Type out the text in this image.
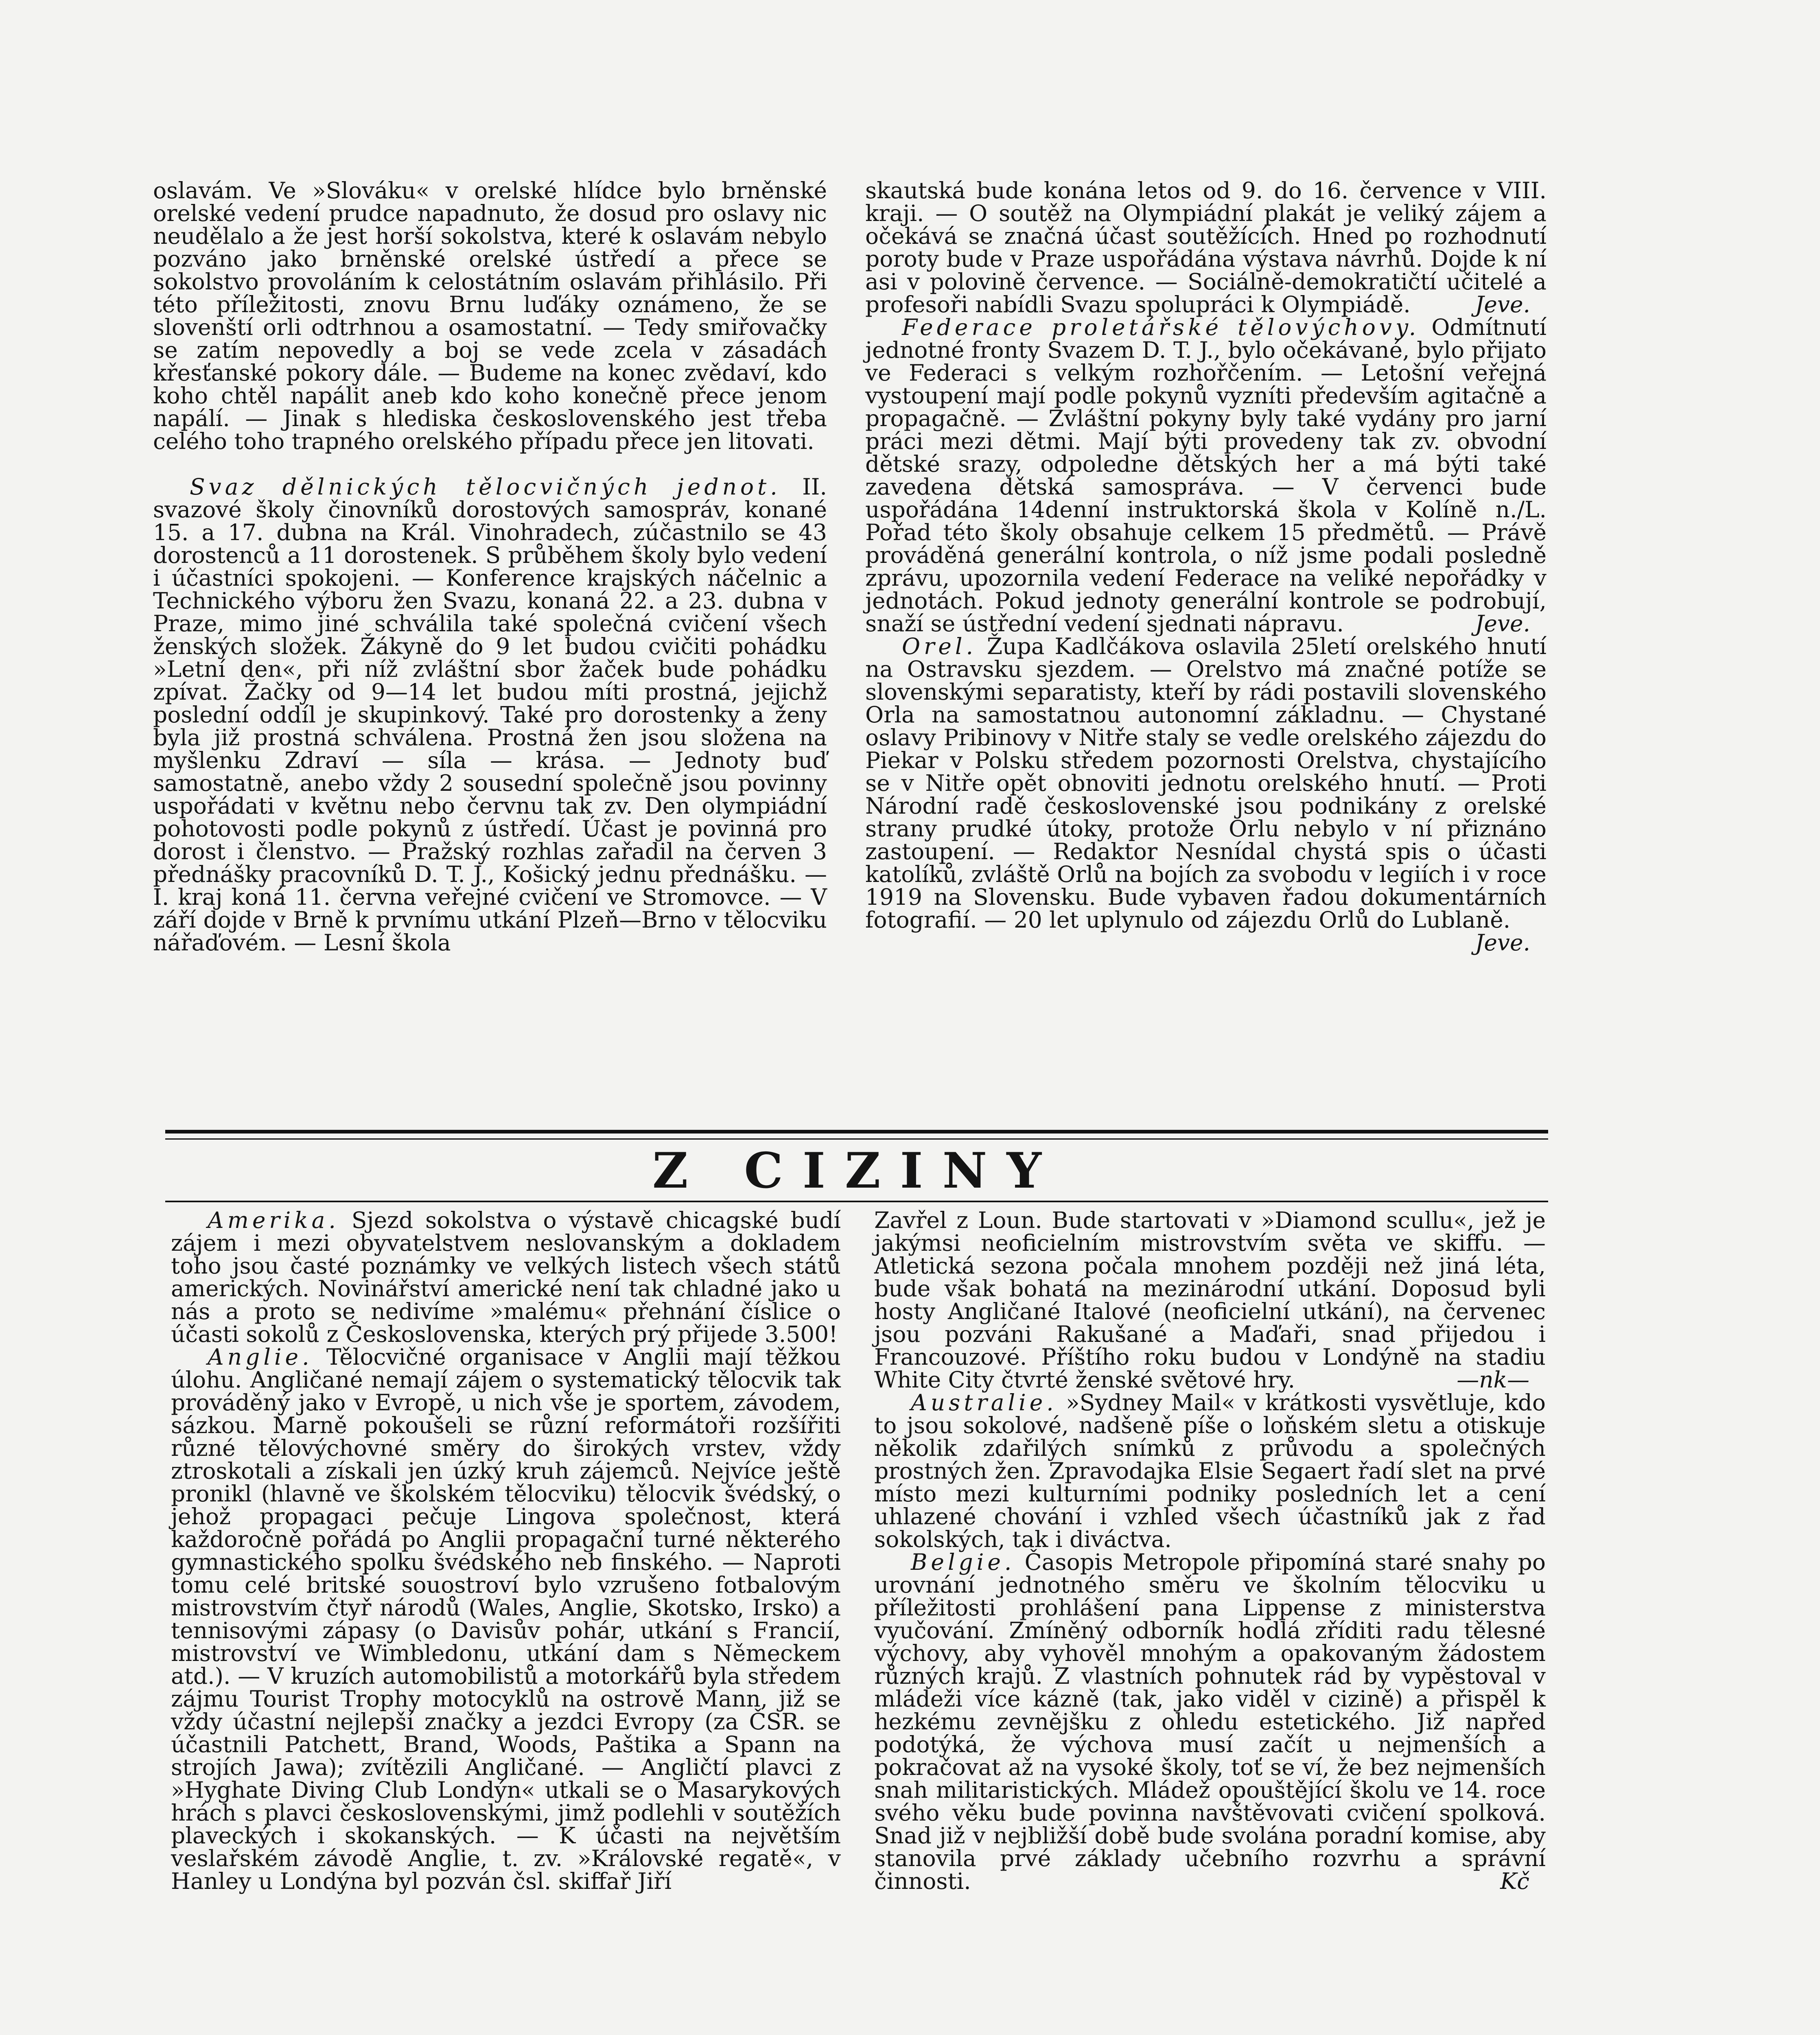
oslavám. Ve »Slováku« v orelské hlídce bylo brněnské orelské vedení prudce napadnuto, že dosud pro oslavy nic neudělalo a že jest horší sokolstva, které k oslavám nebylo pozváno jako brněnské orelské ústředí a přece se sokolstvo provoláním k celostátním oslavám přihlásilo. Při této příležitosti, znovu Brnu luďáky oznámeno, že se slovenští orli odtrhnou a osamostatní. — Tedy smiřovačky se zatím nepovedly a boj se vede zcela v zásadách křesťanské pokory dále. — Budeme na konec zvědaví, kdo koho chtěl napálit aneb kdo koho konečně přece jenom napálí. — Jinak s hlediska československého jest třeba celého toho trapného orelského případu přece jen litovati.

Svaz dělnických tělocvičných jednot. II. svazové školy činovníků dorostových samospráv, konané 15. a 17. dubna na Král. Vinohradech, zúčastnilo se 43 dorostenců a 11 dorostenek. S průběhem školy bylo vedení i účastníci spokojeni. — Konference krajských náčelnic a Technického výboru žen Svazu, konaná 22. a 23. dubna v Praze, mimo jiné schválila také společná cvičení všech ženských složek. Žákyně do 9 let budou cvičiti pohádku »Letní den«, při níž zvláštní sbor žaček bude pohádku zpívat. Žačky od 9—14 let budou míti prostná, jejichž poslední oddíl je skupinkový. Také pro dorostenky a ženy byla již prostná schválena. Prostná žen jsou složena na myšlenku Zdraví — síla — krása. — Jednoty buď samostatně, anebo vždy 2 sousední společně jsou povinny uspořádati v květnu nebo červnu tak zv. Den olympiádní pohotovosti podle pokynů z ústředí. Účast je povinná pro dorost i členstvo. — Pražský rozhlas zařadil na červen 3 přednášky pracovníků D. T. J., Košický jednu přednášku. — I. kraj koná 11. června veřejné cvičení ve Stromovce. — V září dojde v Brně k prvnímu utkání Plzeň—Brno v tělocviku nářaďovém. — Lesní škola

skautská bude konána letos od 9. do 16. července v VIII. kraji. — O soutěž na Olympiádní plakát je veliký zájem a očekává se značná účast soutěžících. Hned po rozhodnutí poroty bude v Praze uspořádána výstava návrhů. Dojde k ní asi v polovině července. — Sociálně-demokratičtí učitelé a profesoři nabídli Svazu spolupráci k Olympiádě.	Jeve.

Federace proletářské tělovýchovy. Odmítnutí jednotné fronty Svazem D. T. J., bylo očekávané, bylo přijato ve Federaci s velkým rozhořčením. — Letošní veřejná vystoupení mají podle pokynů vyzníti především agitačně a propagačně. — Zvláštní pokyny byly také vydány pro jarní práci mezi dětmi. Mají býti provedeny tak zv. obvodní dětské srazy, odpoledne dětských her a má býti také zavedena dětská samospráva. — V červenci bude uspořádána 14denní instruktorská škola v Kolíně n./L. Pořad této školy obsahuje celkem 15 předmětů. — Právě prováděná generální kontrola, o níž jsme podali posledně zprávu, upozornila vedení Federace na veliké nepořádky v jednotách. Pokud jednoty generální kontrole se podrobují, snaží se ústřední vedení sjednati nápravu.	Jeve.

Orel. Župa Kadlčákova oslavila 25letí orelského hnutí na Ostravsku sjezdem. — Orelstvo má značné potíže se slovenskými separatisty, kteří by rádi postavili slovenského Orla na samostatnou autonomní základnu. — Chystané oslavy Pribinovy v Nitře staly se vedle orelského zájezdu do Piekar v Polsku středem pozornosti Orelstva, chystajícího se v Nitře opět obnoviti jednotu orelského hnutí. — Proti Národní radě československé jsou podnikány z orelské strany prudké útoky, protože Orlu nebylo v ní přiznáno zastoupení. — Redaktor Nesnídal chystá spis o účasti katolíků, zvláště Orlů na bojích za svobodu v legiích i v roce 1919 na Slovensku. Bude vybaven řadou dokumentárních fotografií. — 20 let uplynulo od zájezdu Orlů do Lublaně.
Jeve.

Z CIZINY

Amerika. Sjezd sokolstva o výstavě chicagské budí zájem i mezi obyvatelstvem neslovanským a dokladem toho jsou časté poznámky ve velkých listech všech států amerických. Novinářství americké není tak chladné jako u nás a proto se nedivíme »malému« přehnání číslice o účasti sokolů z Československa, kterých prý přijede 3.500!

Anglie. Tělocvičné organisace v Anglii mají těžkou úlohu. Angličané nemají zájem o systematický tělocvik tak prováděný jako v Evropě, u nich vše je sportem, závodem, sázkou. Marně pokoušeli se různí reformátoři rozšířiti různé tělovýchovné směry do širokých vrstev, vždy ztroskotali a získali jen úzký kruh zájemců. Nejvíce ještě pronikl (hlavně ve školském tělocviku) tělocvik švédský, o jehož propagaci pečuje Lingova společnost, která každoročně pořádá po Anglii propagační turné některého gymnastického spolku švédského neb finského. — Naproti tomu celé britské souostroví bylo vzrušeno fotbalovým mistrovstvím čtyř národů (Wales, Anglie, Skotsko, Irsko) a tennisovými zápasy (o Davisův pohár, utkání s Francií, mistrovství ve Wimbledonu, utkání dam s Německem atd.). — V kruzích automobilistů a motorkářů byla středem zájmu Tourist Trophy motocyklů na ostrově Mann, již se vždy účastní nejlepší značky a jezdci Evropy (za ČSR. se účastnili Patchett, Brand, Woods, Paštika a Spann na strojích Jawa); zvítězili Angličané. — Angličtí plavci z »Hyghate Diving Club Londýn« utkali se o Masarykových hrách s plavci československými, jimž podlehli v soutěžích plaveckých i skokanských. — K účasti na největším veslařském závodě Anglie, t. zv. »Královské regatě«, v Hanley u Londýna byl pozván čsl. skiffař Jiří

Zavřel z Loun. Bude startovati v »Diamond scullu«, jež je jakýmsi neoficielním mistrovstvím světa ve skiffu. — Atletická sezona počala mnohem později než jiná léta, bude však bohatá na mezinárodní utkání. Doposud byli hosty Angličané Italové (neoficielní utkání), na červenec jsou pozváni Rakušané a Maďaři, snad přijedou i Francouzové. Příštího roku budou v Londýně na stadiu White City čtvrté ženské světové hry.	—nk—

Australie. »Sydney Mail« v krátkosti vysvětluje, kdo to jsou sokolové, nadšeně píše o loňském sletu a otiskuje několik zdařilých snímků z průvodu a společných prostných žen. Zpravodajka Elsie Segaert řadí slet na prvé místo mezi kulturními podniky posledních let a cení uhlazené chování i vzhled všech účastníků jak z řad sokolských, tak i diváctva.

Belgie. Časopis Metropole připomíná staré snahy po urovnání jednotného směru ve školním tělocviku u příležitosti prohlášení pana Lippense z ministerstva vyučování. Zmíněný odborník hodlá zříditi radu tělesné výchovy, aby vyhověl mnohým a opakovaným žádostem různých krajů. Z vlastních pohnutek rád by vypěstoval v mládeži více kázně (tak, jako viděl v cizině) a přispěl k hezkému zevnějšku z ohledu estetického. Již napřed podotýká, že výchova musí začít u nejmenších a pokračovat až na vysoké školy, toť se ví, že bez nejmenších snah militaristických. Mládež opouštějící školu ve 14. roce svého věku bude povinna navštěvovati cvičení spolková. Snad již v nejbližší době bude svolána poradní komise, aby stanovila prvé základy učebního rozvrhu a správní činnosti.	Kč
